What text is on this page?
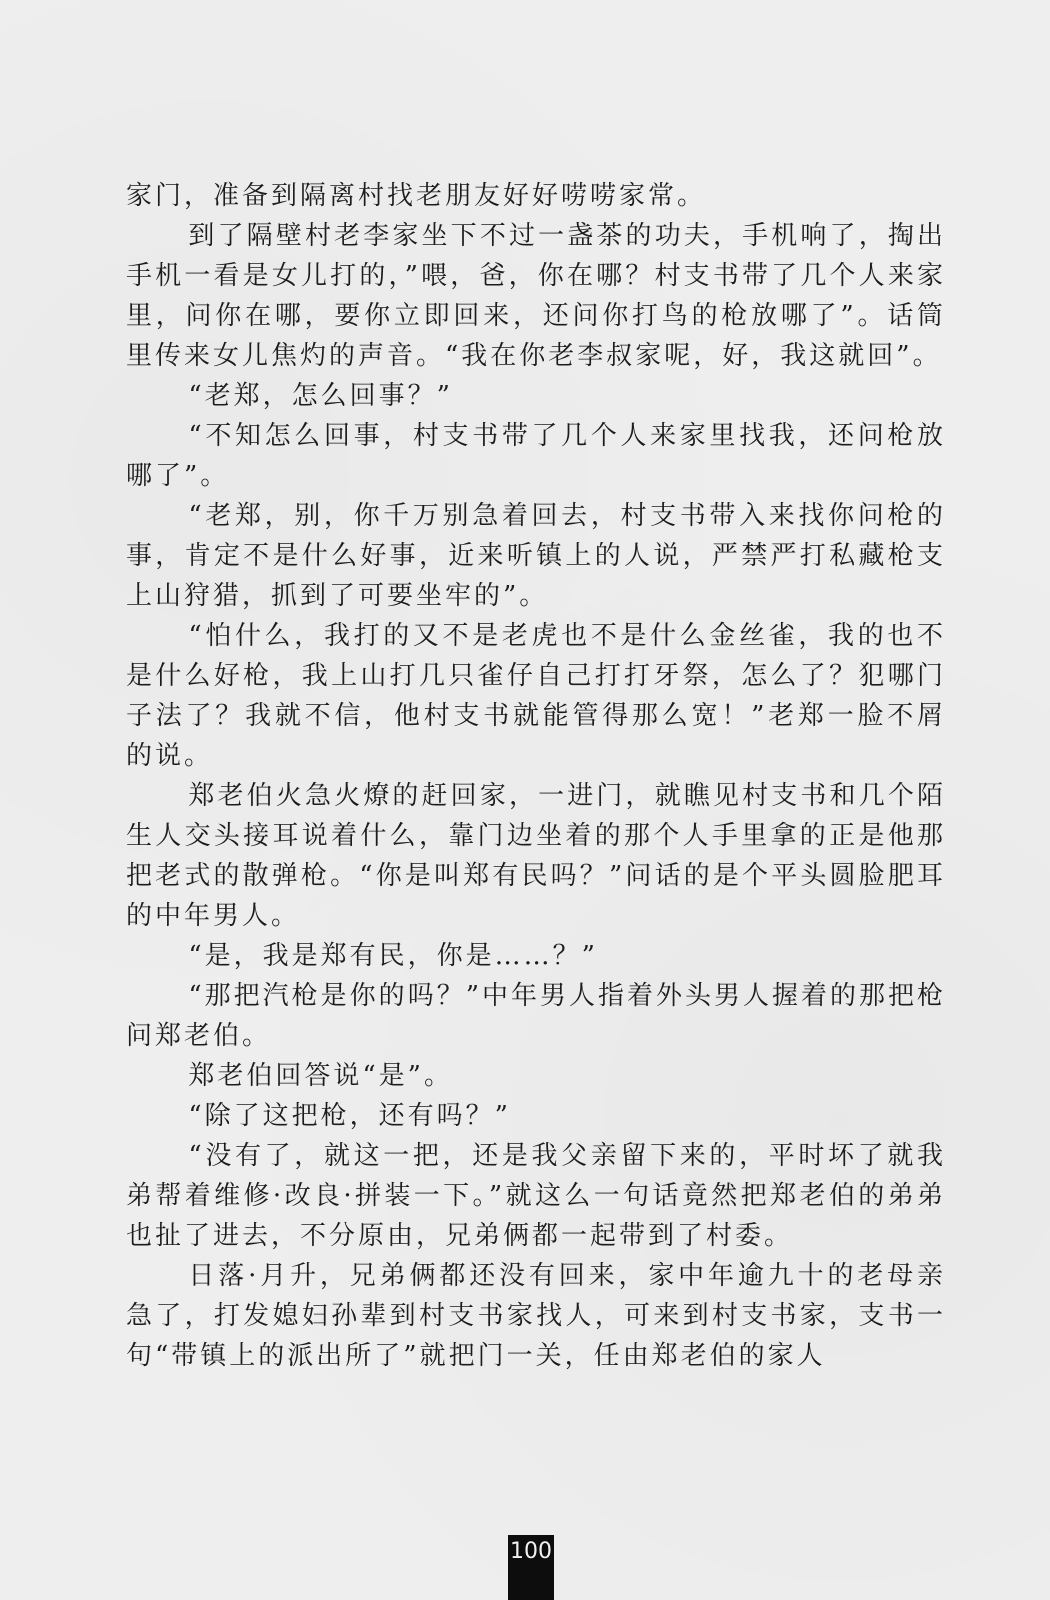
家门，准备到隔离村找老朋友好好唠唠家常。

到了隔壁村老李家坐下不过一盏茶的功夫，手机响了，掏出手机一看是女儿打的，”喂，爸，你在哪？村支书带了几个人来家里，问你在哪，要你立即回来，还问你打鸟的枪放哪了”。话筒里传来女儿焦灼的声音。“我在你老李叔家呢，好，我这就回”。

“老郑，怎么回事？”

“不知怎么回事，村支书带了几个人来家里找我，还问枪放哪了”。

“老郑，别，你千万别急着回去，村支书带入来找你问枪的事，肯定不是什么好事，近来听镇上的人说，严禁严打私藏枪支上山狩猎，抓到了可要坐牢的”。

“怕什么，我打的又不是老虎也不是什么金丝雀，我的也不是什么好枪，我上山打几只雀仔自己打打牙祭，怎么了？犯哪门子法了？我就不信，他村支书就能管得那么宽！”老郑一脸不屑的说。

郑老伯火急火燎的赶回家，一进门，就瞧见村支书和几个陌生人交头接耳说着什么，靠门边坐着的那个人手里拿的正是他那把老式的散弹枪。“你是叫郑有民吗？”问话的是个平头圆脸肥耳的中年男人。

“是，我是郑有民，你是……？”

“那把汽枪是你的吗？”中年男人指着外头男人握着的那把枪问郑老伯。

郑老伯回答说“是”。

“除了这把枪，还有吗？”

“没有了，就这一把，还是我父亲留下来的，平时坏了就我弟帮着维修·改良·拼装一下。”就这么一句话竟然把郑老伯的弟弟也扯了进去，不分原由，兄弟俩都一起带到了村委。

日落·月升，兄弟俩都还没有回来，家中年逾九十的老母亲急了，打发媳妇孙辈到村支书家找人，可来到村支书家，支书一句“带镇上的派出所了”就把门一关，任由郑老伯的家人

100
